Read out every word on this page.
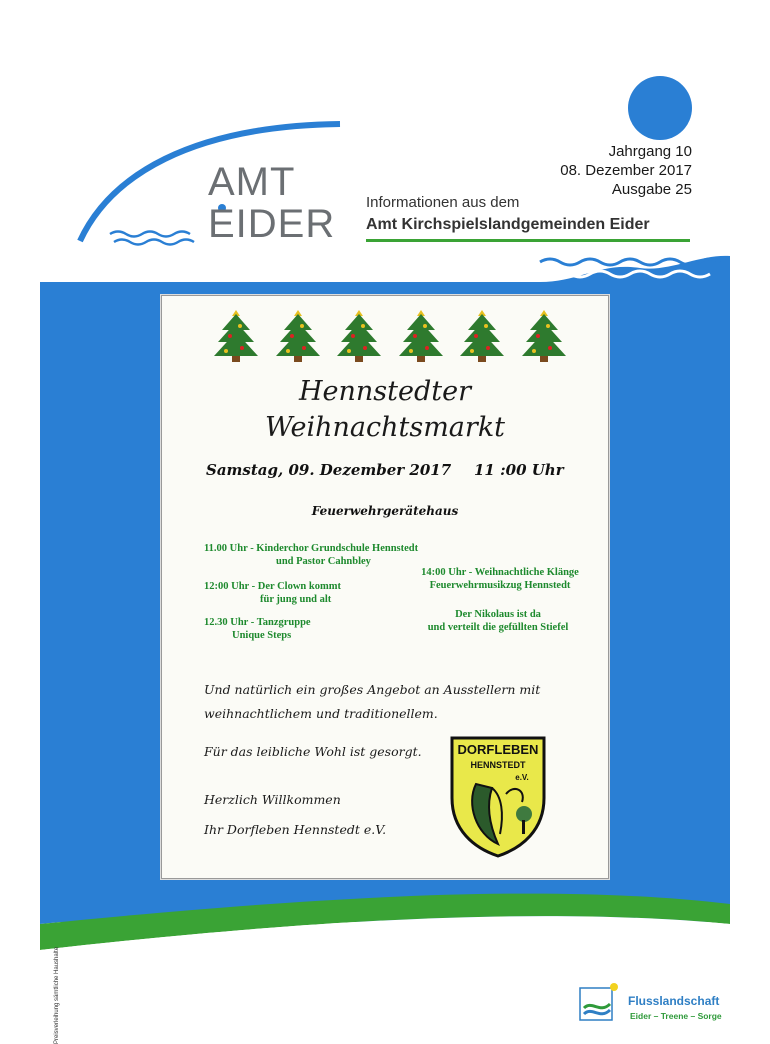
Jahrgang 10
08. Dezember 2017
Ausgabe 25
AMT
EIDER Informationen aus dem
Amt Kirchspielslandgemeinden Eider
Preisverleihung sämtliche Haushalte	Flusslandschaft
Eider – Treene – Sorge
Hennstedter
Weihnachtsmarkt
Samstag, 09. Dezember 2017 11 :00 Uhr
Feuerwehrgerätehaus
11.00 Uhr - Kinderchor Grundschule Hennstedt
und Pastor Cahnbley
12:00 Uhr - Der Clown kommt
für jung und alt
12.30 Uhr - Tanzgruppe
Unique Steps
14:00 Uhr - Weihnachtliche Klänge
Feuerwehrmusikzug Hennstedt
Der Nikolaus ist da
und verteilt die gefüllten Stiefel
Und natürlich ein großes Angebot an Ausstellern mit
weihnachtlichem und traditionellem.
Für das leibliche Wohl ist gesorgt.
Herzlich Willkommen
Ihr Dorfleben Hennstedt e.V.
DORFLEBEN
HENNSTEDT
e.V.
